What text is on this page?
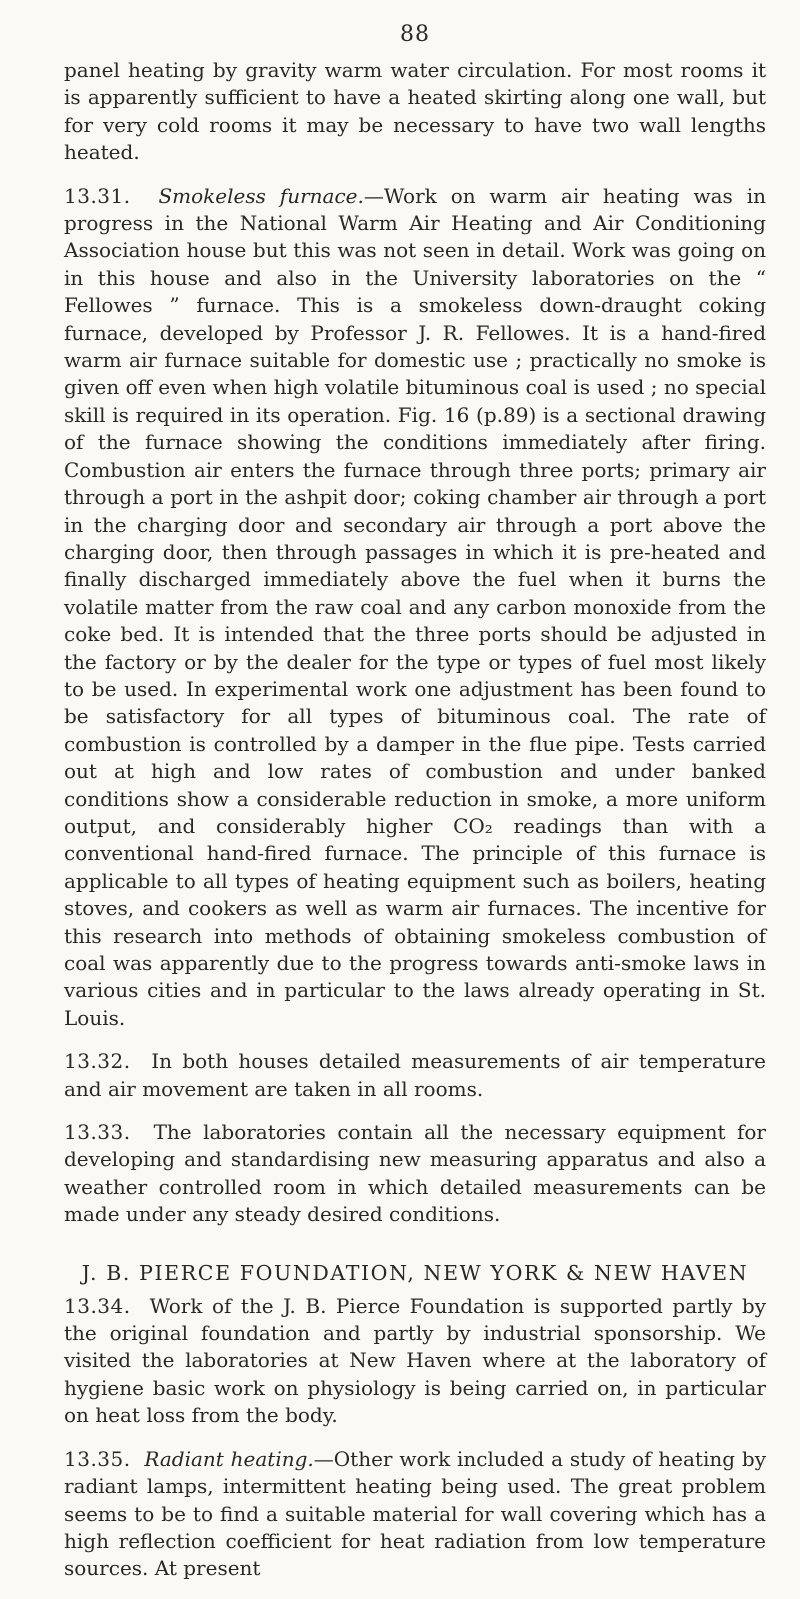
88

panel heating by gravity warm water circulation. For most rooms it is apparently sufficient to have a heated skirting along one wall, but for very cold rooms it may be necessary to have two wall lengths heated.

13.31. Smokeless furnace.—Work on warm air heating was in progress in the National Warm Air Heating and Air Conditioning Association house but this was not seen in detail. Work was going on in this house and also in the University laboratories on the “ Fellowes ” furnace. This is a smokeless down-draught coking furnace, developed by Professor J. R. Fellowes. It is a hand-fired warm air furnace suitable for domestic use ; practically no smoke is given off even when high volatile bituminous coal is used ; no special skill is required in its operation. Fig. 16 (p.89) is a sectional drawing of the furnace showing the conditions immediately after firing. Combustion air enters the furnace through three ports; primary air through a port in the ashpit door; coking chamber air through a port in the charging door and secondary air through a port above the charging door, then through passages in which it is pre-heated and finally discharged immediately above the fuel when it burns the volatile matter from the raw coal and any carbon monoxide from the coke bed. It is intended that the three ports should be adjusted in the factory or by the dealer for the type or types of fuel most likely to be used. In experimental work one adjustment has been found to be satisfactory for all types of bituminous coal. The rate of combustion is controlled by a damper in the flue pipe. Tests carried out at high and low rates of combustion and under banked conditions show a considerable reduction in smoke, a more uniform output, and considerably higher CO₂ readings than with a conventional hand-fired furnace. The principle of this furnace is applicable to all types of heating equipment such as boilers, heating stoves, and cookers as well as warm air furnaces. The incentive for this research into methods of obtaining smokeless combustion of coal was apparently due to the progress towards anti-smoke laws in various cities and in particular to the laws already operating in St. Louis.

13.32. In both houses detailed measurements of air temperature and air movement are taken in all rooms.

13.33. The laboratories contain all the necessary equipment for developing and standardising new measuring apparatus and also a weather controlled room in which detailed measurements can be made under any steady desired conditions.

J. B. PIERCE FOUNDATION, NEW YORK & NEW HAVEN

13.34. Work of the J. B. Pierce Foundation is supported partly by the original foundation and partly by industrial sponsorship. We visited the laboratories at New Haven where at the laboratory of hygiene basic work on physiology is being carried on, in particular on heat loss from the body.

13.35. Radiant heating.—Other work included a study of heating by radiant lamps, intermittent heating being used. The great problem seems to be to find a suitable material for wall covering which has a high reflection coefficient for heat radiation from low temperature sources. At present
